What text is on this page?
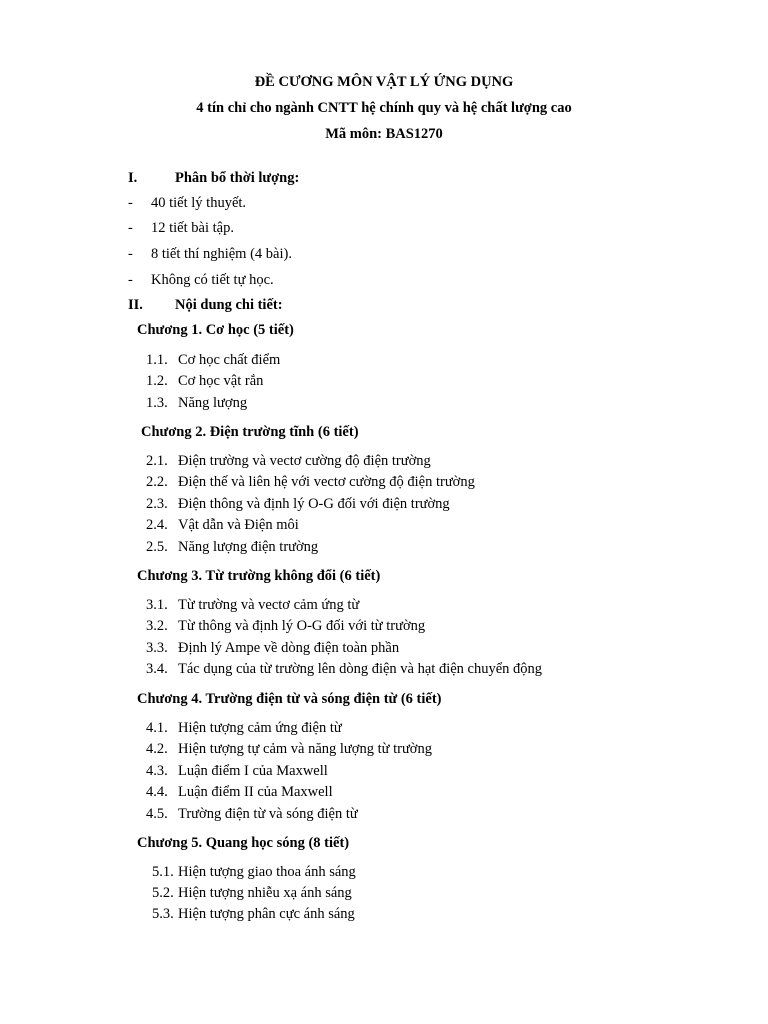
ĐỀ CƯƠNG MÔN VẬT LÝ ỨNG DỤNG
4 tín chỉ cho ngành CNTT hệ chính quy và hệ chất lượng cao
Mã môn: BAS1270
I.	Phân bổ thời lượng:
- 40 tiết lý thuyết.
- 12 tiết bài tập.
- 8 tiết thí nghiệm (4 bài).
- Không có tiết tự học.
II. Nội dung chi tiết:
Chương 1. Cơ học (5 tiết)
1.1. Cơ học chất điểm
1.2. Cơ học vật rắn
1.3. Năng lượng
Chương 2. Điện trường tĩnh (6 tiết)
2.1. Điện trường và vectơ cường độ điện trường
2.2. Điện thế và liên hệ với vectơ cường độ điện trường
2.3. Điện thông và định lý O-G đối với điện trường
2.4. Vật dẫn và Điện môi
2.5. Năng lượng điện trường
Chương 3. Từ trường không đổi (6 tiết)
3.1. Từ trường và vectơ cảm ứng từ
3.2. Từ thông và định lý O-G đối với từ trường
3.3. Định lý Ampe về dòng điện toàn phần
3.4. Tác dụng của từ trường lên dòng điện và hạt điện chuyển động
Chương 4. Trường điện từ và sóng điện từ (6 tiết)
4.1. Hiện tượng cảm ứng điện từ
4.2. Hiện tượng tự cảm và năng lượng từ trường
4.3. Luận điểm I của Maxwell
4.4. Luận điểm II của Maxwell
4.5. Trường điện từ và sóng điện từ
Chương 5. Quang học sóng (8 tiết)
5.1. Hiện tượng giao thoa ánh sáng
5.2. Hiện tượng nhiễu xạ ánh sáng
5.3. Hiện tượng phân cực ánh sáng
